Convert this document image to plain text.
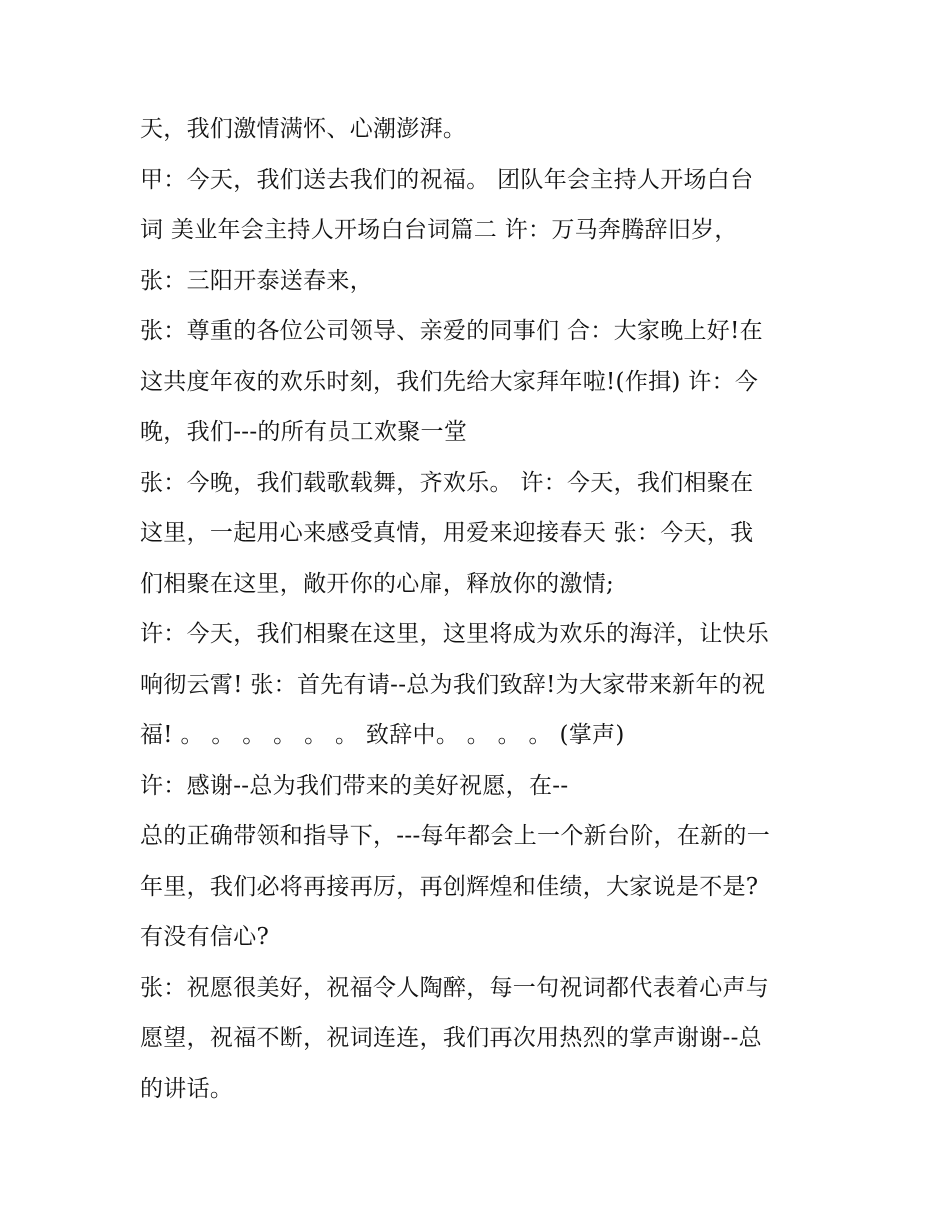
天，我们激情满怀、心潮澎湃。
甲：今天，我们送去我们的祝福。 团队年会主持人开场白台
词 美业年会主持人开场白台词篇二 许：万马奔腾辞旧岁，
张：三阳开泰送春来，
张：尊重的各位公司领导、亲爱的同事们 合：大家晚上好!在
这共度年夜的欢乐时刻，我们先给大家拜年啦!(作揖) 许：今
晚，我们---的所有员工欢聚一堂
张：今晚，我们载歌载舞，齐欢乐。 许：今天，我们相聚在
这里，一起用心来感受真情，用爱来迎接春天 张：今天，我
们相聚在这里，敞开你的心扉，释放你的激情;
许：今天，我们相聚在这里，这里将成为欢乐的海洋，让快乐
响彻云霄! 张：首先有请--总为我们致辞!为大家带来新年的祝
福! 。 。 。 。 。 。 致辞中。 。 。 。 (掌声)
许：感谢--总为我们带来的美好祝愿，在--
总的正确带领和指导下，---每年都会上一个新台阶，在新的一
年里，我们必将再接再厉，再创辉煌和佳绩，大家说是不是?
有没有信心?
张：祝愿很美好，祝福令人陶醉，每一句祝词都代表着心声与
愿望，祝福不断，祝词连连，我们再次用热烈的掌声谢谢--总
的讲话。
